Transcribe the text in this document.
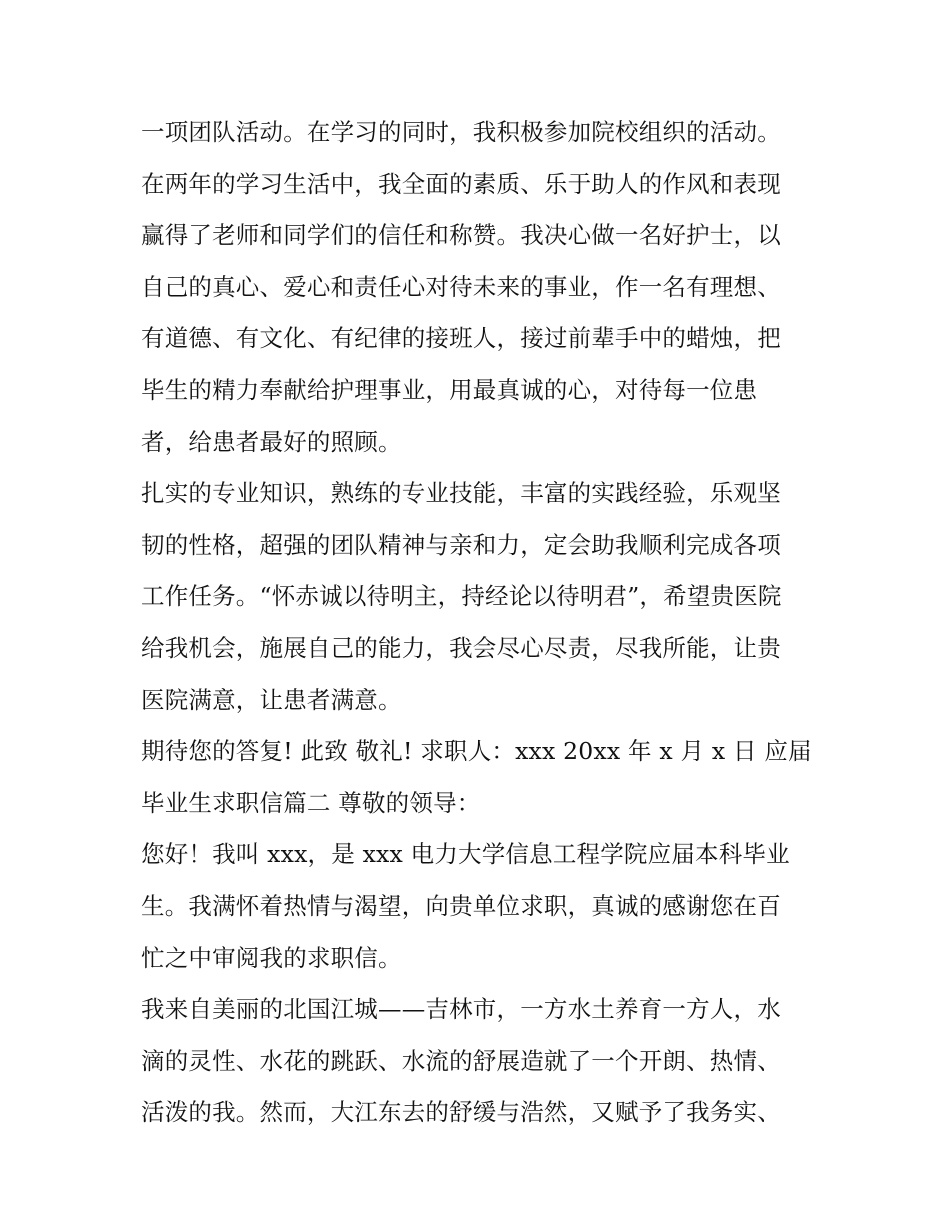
一项团队活动。在学习的同时，我积极参加院校组织的活动。
在两年的学习生活中，我全面的素质、乐于助人的作风和表现
赢得了老师和同学们的信任和称赞。我决心做一名好护士，以
自己的真心、爱心和责任心对待未来的事业，作一名有理想、
有道德、有文化、有纪律的接班人，接过前辈手中的蜡烛，把
毕生的精力奉献给护理事业，用最真诚的心，对待每一位患
者，给患者最好的照顾。
扎实的专业知识，熟练的专业技能，丰富的实践经验，乐观坚
韧的性格，超强的团队精神与亲和力，定会助我顺利完成各项
工作任务。“怀赤诚以待明主，持经论以待明君”，希望贵医院
给我机会，施展自己的能力，我会尽心尽责，尽我所能，让贵
医院满意，让患者满意。
期待您的答复! 此致 敬礼! 求职人：xxx 20xx 年 x 月 x 日 应届
毕业生求职信篇二 尊敬的领导：
您好！我叫 xxx，是 xxx 电力大学信息工程学院应届本科毕业
生。我满怀着热情与渴望，向贵单位求职，真诚的感谢您在百
忙之中审阅我的求职信。
我来自美丽的北国江城——吉林市，一方水土养育一方人，水
滴的灵性、水花的跳跃、水流的舒展造就了一个开朗、热情、
活泼的我。然而，大江东去的舒缓与浩然，又赋予了我务实、
